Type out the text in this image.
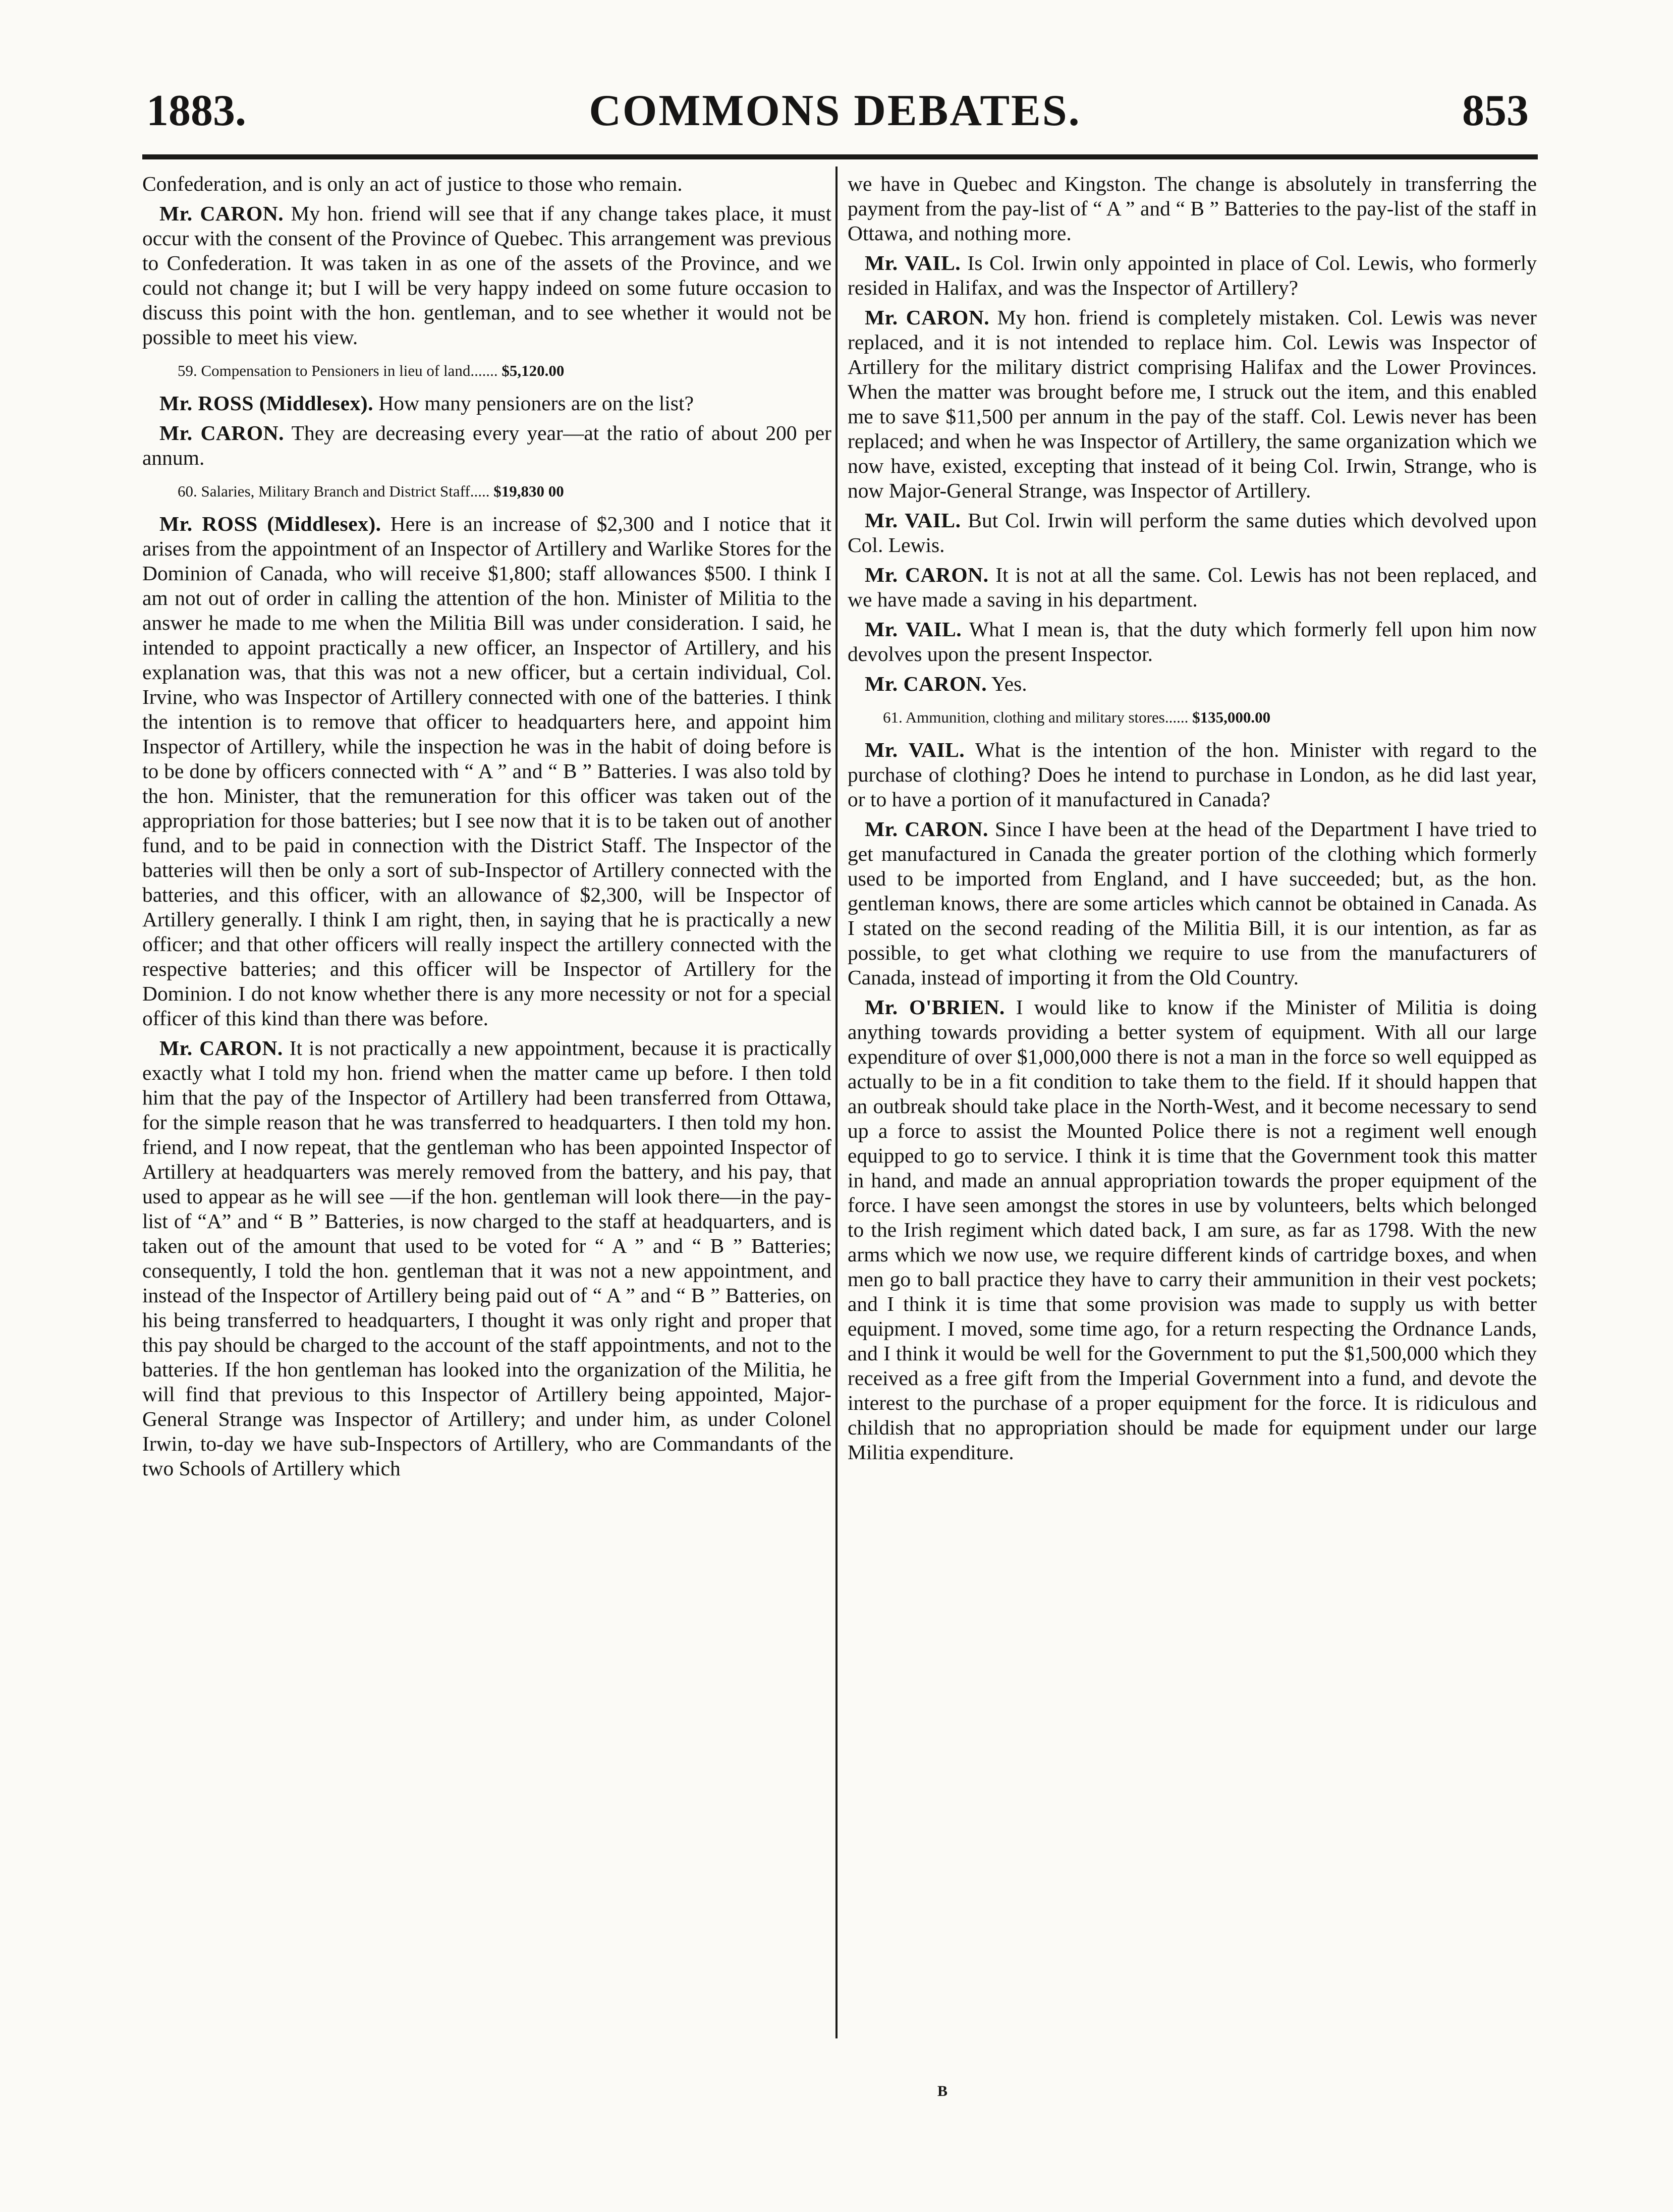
COMMONS DEBATES.
1883.	853

Confederation, and is only an act of justice to those who remain.

Mr. CARON. My hon. friend will see that if any change takes place, it must occur with the consent of the Province of Quebec. This arrangement was previous to Confederation. It was taken in as one of the assets of the Province, and we could not change it; but I will be very happy indeed on some future occasion to discuss this point with the hon. gentleman, and to see whether it would not be possible to meet his view.

59. Compensation to Pensioners in lieu of land....... $5,120.00

Mr. ROSS (Middlesex). How many pensioners are on the list?

Mr. CARON. They are decreasing every year—at the ratio of about 200 per annum.

60. Salaries, Military Branch and District Staff..... $19,830 00

Mr. ROSS (Middlesex). Here is an increase of $2,300 and I notice that it arises from the appointment of an Inspector of Artillery and Warlike Stores for the Dominion of Canada, who will receive $1,800; staff allowances $500. I think I am not out of order in calling the attention of the hon. Minister of Militia to the answer he made to me when the Militia Bill was under consideration. I said, he intended to appoint practically a new officer, an Inspector of Artillery, and his explanation was, that this was not a new officer, but a certain individual, Col. Irvine, who was Inspector of Artillery connected with one of the batteries. I think the intention is to remove that officer to headquarters here, and appoint him Inspector of Artillery, while the inspection he was in the habit of doing before is to be done by officers connected with “ A ” and “ B ” Batteries. I was also told by the hon. Minister, that the remuneration for this officer was taken out of the appropriation for those batteries; but I see now that it is to be taken out of another fund, and to be paid in connection with the District Staff. The Inspector of the batteries will then be only a sort of sub-Inspector of Artillery connected with the batteries, and this officer, with an allowance of $2,300, will be Inspector of Artillery generally. I think I am right, then, in saying that he is practically a new officer; and that other officers will really inspect the artillery connected with the respective batteries; and this officer will be Inspector of Artillery for the Dominion. I do not know whether there is any more necessity or not for a special officer of this kind than there was before.

Mr. CARON. It is not practically a new appointment, because it is practically exactly what I told my hon. friend when the matter came up before. I then told him that the pay of the Inspector of Artillery had been transferred from Ottawa, for the simple reason that he was transferred to headquarters. I then told my hon. friend, and I now repeat, that the gentleman who has been appointed Inspector of Artillery at headquarters was merely removed from the battery, and his pay, that used to appear as he will see —if the hon. gentleman will look there—in the pay-list of “A” and “ B ” Batteries, is now charged to the staff at headquarters, and is taken out of the amount that used to be voted for “ A ” and “ B ” Batteries; consequently, I told the hon. gentleman that it was not a new appointment, and instead of the Inspector of Artillery being paid out of “ A ” and “ B ” Batteries, on his being transferred to headquarters, I thought it was only right and proper that this pay should be charged to the account of the staff appointments, and not to the batteries. If the hon gentleman has looked into the organization of the Militia, he will find that previous to this Inspector of Artillery being appointed, Major-General Strange was Inspector of Artillery; and under him, as under Colonel Irwin, to-day we have sub-Inspectors of Artillery, who are Commandants of the two Schools of Artillery which

we have in Quebec and Kingston. The change is absolutely in transferring the payment from the pay-list of “ A ” and “ B ” Batteries to the pay-list of the staff in Ottawa, and nothing more.

Mr. VAIL. Is Col. Irwin only appointed in place of Col. Lewis, who formerly resided in Halifax, and was the Inspector of Artillery?

Mr. CARON. My hon. friend is completely mistaken. Col. Lewis was never replaced, and it is not intended to replace him. Col. Lewis was Inspector of Artillery for the military district comprising Halifax and the Lower Provinces. When the matter was brought before me, I struck out the item, and this enabled me to save $11,500 per annum in the pay of the staff. Col. Lewis never has been replaced; and when he was Inspector of Artillery, the same organization which we now have, existed, excepting that instead of it being Col. Irwin, Strange, who is now Major-General Strange, was Inspector of Artillery.

Mr. VAIL. But Col. Irwin will perform the same duties which devolved upon Col. Lewis.

Mr. CARON. It is not at all the same. Col. Lewis has not been replaced, and we have made a saving in his department.

Mr. VAIL. What I mean is, that the duty which formerly fell upon him now devolves upon the present Inspector.

Mr. CARON. Yes.

61. Ammunition, clothing and military stores...... $135,000.00

Mr. VAIL. What is the intention of the hon. Minister with regard to the purchase of clothing? Does he intend to purchase in London, as he did last year, or to have a portion of it manufactured in Canada?

Mr. CARON. Since I have been at the head of the Department I have tried to get manufactured in Canada the greater portion of the clothing which formerly used to be imported from England, and I have succeeded; but, as the hon. gentleman knows, there are some articles which cannot be obtained in Canada. As I stated on the second reading of the Militia Bill, it is our intention, as far as possible, to get what clothing we require to use from the manufacturers of Canada, instead of importing it from the Old Country.

Mr. O'BRIEN. I would like to know if the Minister of Militia is doing anything towards providing a better system of equipment. With all our large expenditure of over $1,000,000 there is not a man in the force so well equipped as actually to be in a fit condition to take them to the field. If it should happen that an outbreak should take place in the North-West, and it become necessary to send up a force to assist the Mounted Police there is not a regiment well enough equipped to go to service. I think it is time that the Government took this matter in hand, and made an annual appropriation towards the proper equipment of the force. I have seen amongst the stores in use by volunteers, belts which belonged to the Irish regiment which dated back, I am sure, as far as 1798. With the new arms which we now use, we require different kinds of cartridge boxes, and when men go to ball practice they have to carry their ammunition in their vest pockets; and I think it is time that some provision was made to supply us with better equipment. I moved, some time ago, for a return respecting the Ordnance Lands, and I think it would be well for the Government to put the $1,500,000 which they received as a free gift from the Imperial Government into a fund, and devote the interest to the purchase of a proper equipment for the force. It is ridiculous and childish that no appropriation should be made for equipment under our large Militia expenditure.

B
